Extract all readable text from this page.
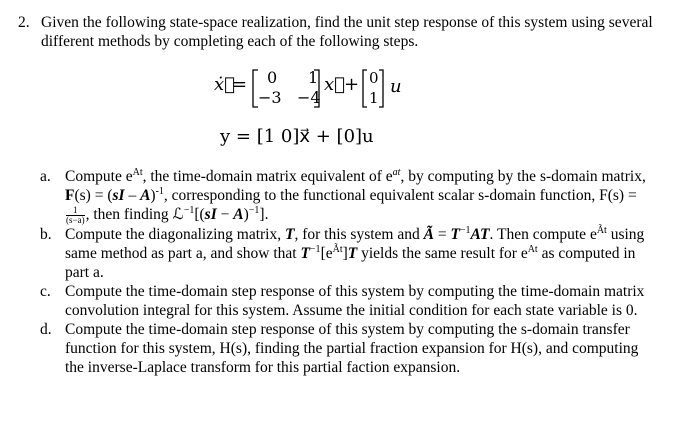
2. Given the following state-space realization, find the unit step response of this system using several different methods by completing each of the following steps.
ẋ⃗
= 0 1
−3 −4
x⃗ + 0
1
u
y = [1 0]x⃗ + [0]u
a. Compute $e^{At}$, the time-domain matrix equivalent of $e^{at}$, by computing by the s-domain matrix, F(s) = (sI – A)$^{-1}$, corresponding to the functional equivalent scalar s-domain function, F(s) =
$\frac{1}{(s-a)}$ , then finding ℒ$^{-1}$[(sI − A)$^{-1}$].
b. Compute the diagonalizing matrix, T, for this system and Ã = $T^{-1}AT$. Then compute $e^{Ãt}$ using same method as part a, and show that $T^{-1}[e^{Ãt}]T$ yields the same result for $e^{At}$ as computed in part a.
c. Compute the time-domain step response of this system by computing the time-domain matrix convolution integral for this system. Assume the initial condition for each state variable is 0.
d. Compute the time-domain step response of this system by computing the s-domain transfer function for this system, H(s), finding the partial fraction expansion for H(s), and computing the inverse-Laplace transform for this partial faction expansion.
